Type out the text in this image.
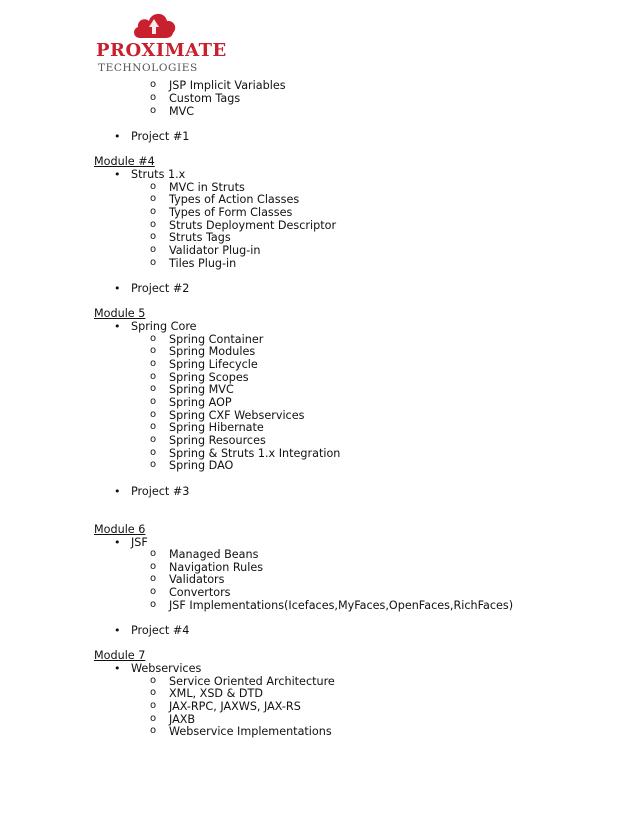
PROXIMATE
TECHNOLOGIES
o JSP Implicit Variables
o Custom Tags
o MVC
• Project #1
Module #4
• Struts 1.x
o MVC in Struts
o Types of Action Classes
o Types of Form Classes
o Struts Deployment Descriptor
o Struts Tags
o Validator Plug-in
o Tiles Plug-in
• Project #2
Module 5
• Spring Core
o Spring Container
o Spring Modules
o Spring Lifecycle
o Spring Scopes
o Spring MVC
o Spring AOP
o Spring CXF Webservices
o Spring Hibernate
o Spring Resources
o Spring & Struts 1.x Integration
o Spring DAO
• Project #3
Module 6
• JSF
o Managed Beans
o Navigation Rules
o Validators
o Convertors
o JSF Implementations(Icefaces,MyFaces,OpenFaces,RichFaces)
• Project #4
Module 7
• Webservices
o Service Oriented Architecture
o XML, XSD & DTD
o JAX-RPC, JAXWS, JAX-RS
o JAXB
o Webservice Implementations
